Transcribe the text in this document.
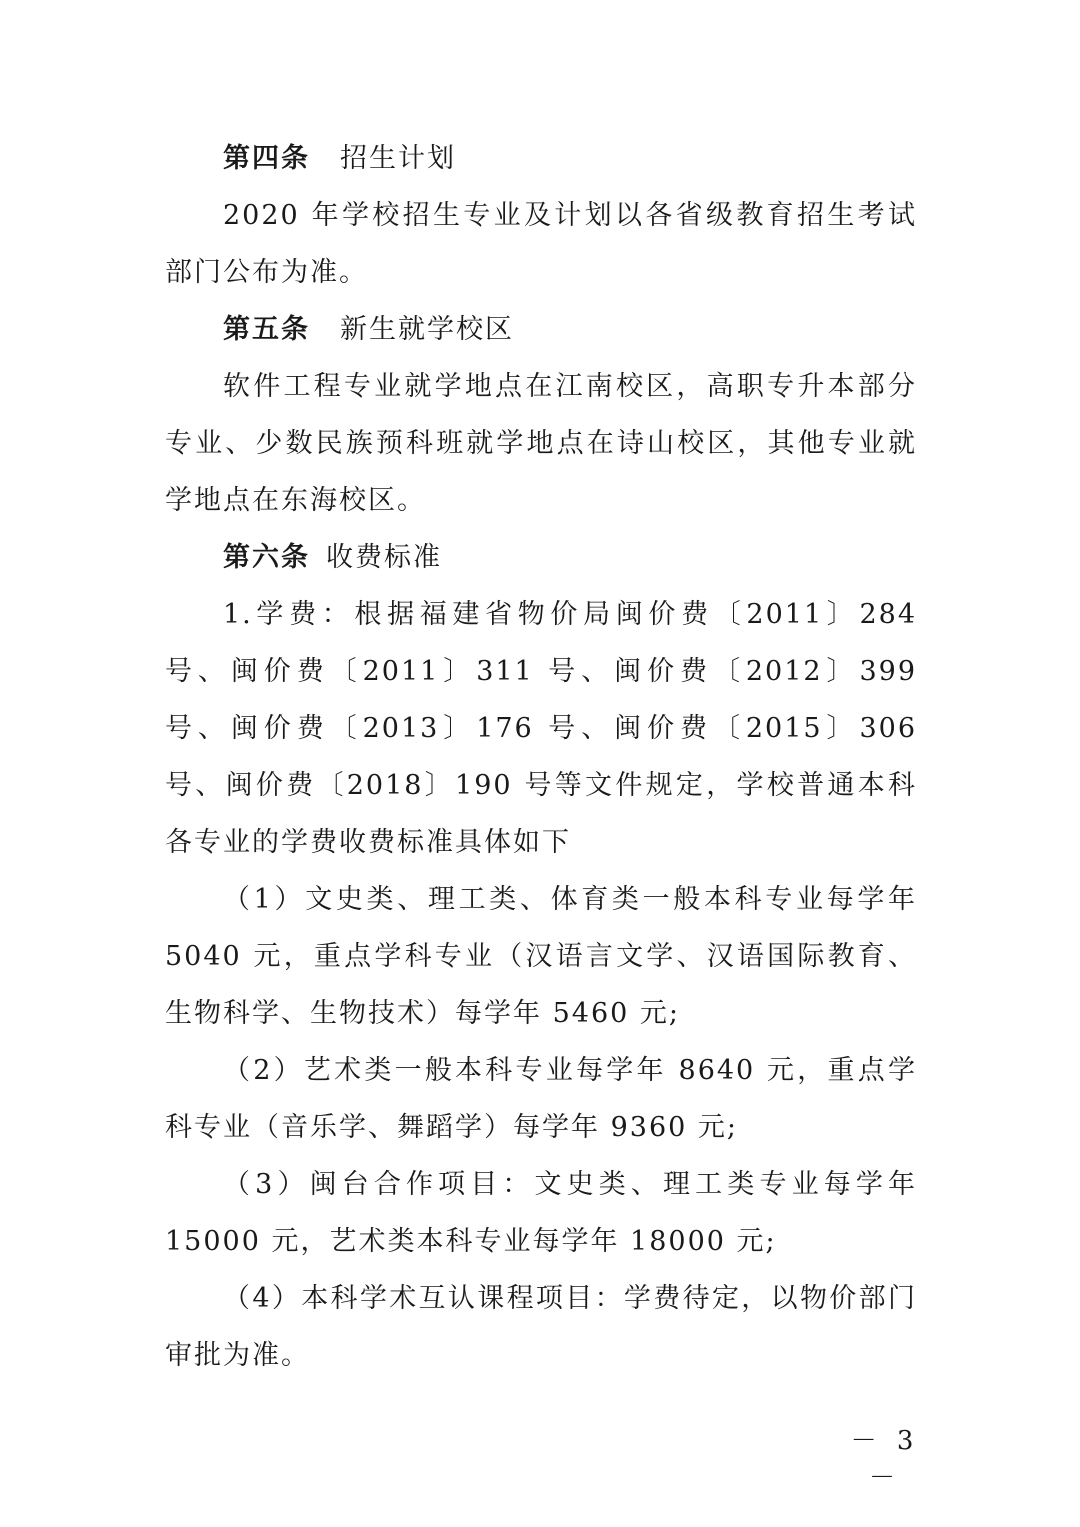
第四条 招生计划

2020 年学校招生专业及计划以各省级教育招生考试部门公布为准。

第五条 新生就学校区

软件工程专业就学地点在江南校区，高职专升本部分专业、少数民族预科班就学地点在诗山校区，其他专业就学地点在东海校区。

第六条 收费标准

1.学费：根据福建省物价局闽价费〔2011〕284 号、闽价费〔2011〕311 号、闽价费〔2012〕399 号、闽价费〔2013〕176 号、闽价费〔2015〕306 号、闽价费〔2018〕190 号等文件规定，学校普通本科各专业的学费收费标准具体如下

（1）文史类、理工类、体育类一般本科专业每学年 5040 元，重点学科专业（汉语言文学、汉语国际教育、生物科学、生物技术）每学年 5460 元;

（2）艺术类一般本科专业每学年 8640 元，重点学科专业（音乐学、舞蹈学）每学年 9360 元;

（3）闽台合作项目：文史类、理工类专业每学年 15000 元，艺术类本科专业每学年 18000 元;

（4）本科学术互认课程项目：学费待定，以物价部门审批为准。

－ 3 －
